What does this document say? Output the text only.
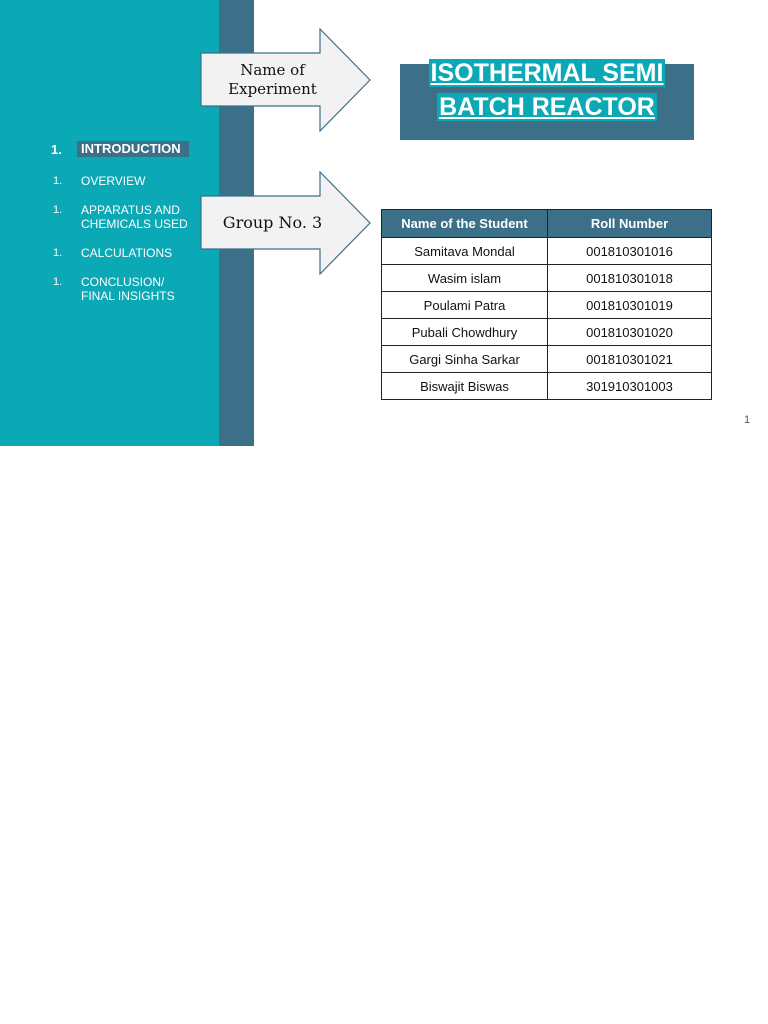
1.	INTRODUCTION
1. OVERVIEW
1. APPARATUS AND CHEMICALS USED
1. CALCULATIONS
1. CONCLUSION/ FINAL INSIGHTS
Name of
Experiment
Group No. 3
ISOTHERMAL SEMI
BATCH REACTOR
Name of the Student	Roll Number
Samitava Mondal	001810301016
Wasim islam	001810301018
Poulami Patra	001810301019
Pubali Chowdhury	001810301020
Gargi Sinha Sarkar	001810301021
Biswajit Biswas	301910301003
1
